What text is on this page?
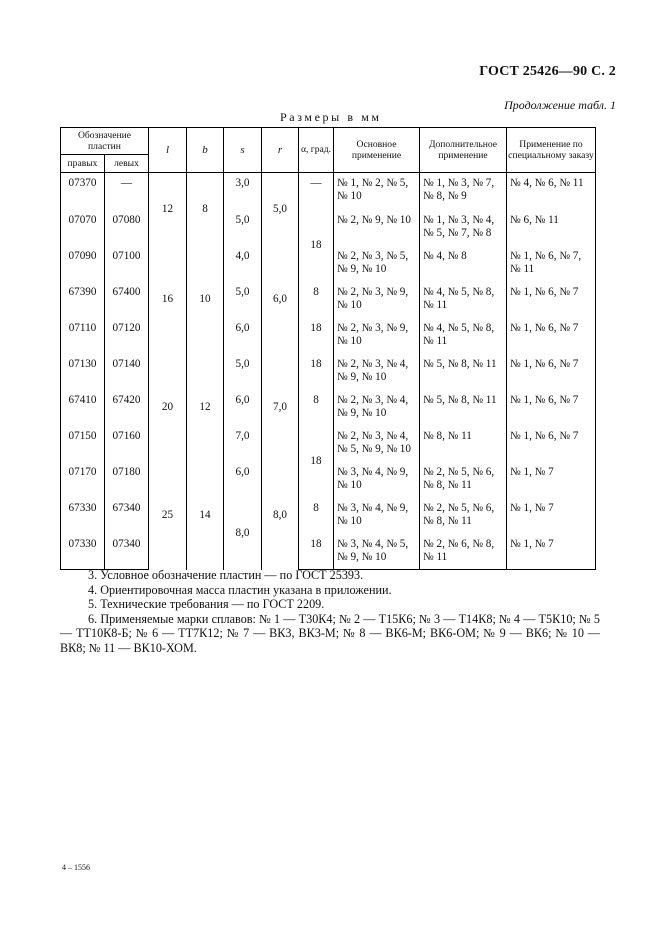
ГОСТ 25426—90 С. 2
Продолжение табл. 1
Размеры в мм
Обозначение пластин		l	b	s	r	α, град.	Основное применение	Дополнительное применение	Применение по специальному заказу
правых	левых								
07370	—	12	8	3,0	5,0	—	№ 1, № 2, № 5, № 10	№ 1, № 3, № 7, № 8, № 9	№ 4, № 6, № 11
07070	07080			5,0		18	№ 2, № 9, № 10	№ 1, № 3, № 4, № 5, № 7, № 8	№ 6, № 11
07090	07100	16	10	4,0	6,0		№ 2, № 3, № 5, № 9, № 10	№ 4, № 8	№ 1, № 6, № 7, № 11
67390	67400			5,0		8	№ 2, № 3, № 9, № 10	№ 4, № 5, № 8, № 11	№ 1, № 6, № 7
07110	07120			6,0		18	№ 2, № 3, № 9, № 10	№ 4, № 5, № 8, № 11	№ 1, № 6, № 7
07130	07140	20	12	5,0	7,0	18	№ 2, № 3, № 4, № 9, № 10	№ 5, № 8, № 11	№ 1, № 6, № 7
67410	67420			6,0		8	№ 2, № 3, № 4, № 9, № 10	№ 5, № 8, № 11	№ 1, № 6, № 7
07150	07160			7,0		18	№ 2, № 3, № 4, № 5, № 9, № 10	№ 8, № 11	№ 1, № 6, № 7
07170	07180	25	14	6,0	8,0		№ 3, № 4, № 9, № 10	№ 2, № 5, № 6, № 8, № 11	№ 1, № 7
67330	67340			8,0		8	№ 3, № 4, № 9, № 10	№ 2, № 5, № 6, № 8, № 11	№ 1, № 7
07330	07340					18	№ 3, № 4, № 5, № 9, № 10	№ 2, № 6, № 8, № 11	№ 1, № 7

3. Условное обозначение пластин — по ГОСТ 25393.

4. Ориентировочная масса пластин указана в приложении.

5. Технические требования — по ГОСТ 2209.

6. Применяемые марки сплавов: № 1 — Т30К4; № 2 — Т15К6; № 3 — Т14К8; № 4 — Т5К10; № 5 — ТТ10К8-Б; № 6 — ТТ7К12; № 7 — ВК3, ВК3-М; № 8 — ВК6-М; ВК6-ОМ; № 9 — ВК6; № 10 — ВК8; № 11 — ВК10-ХОМ.

4 – 1556
